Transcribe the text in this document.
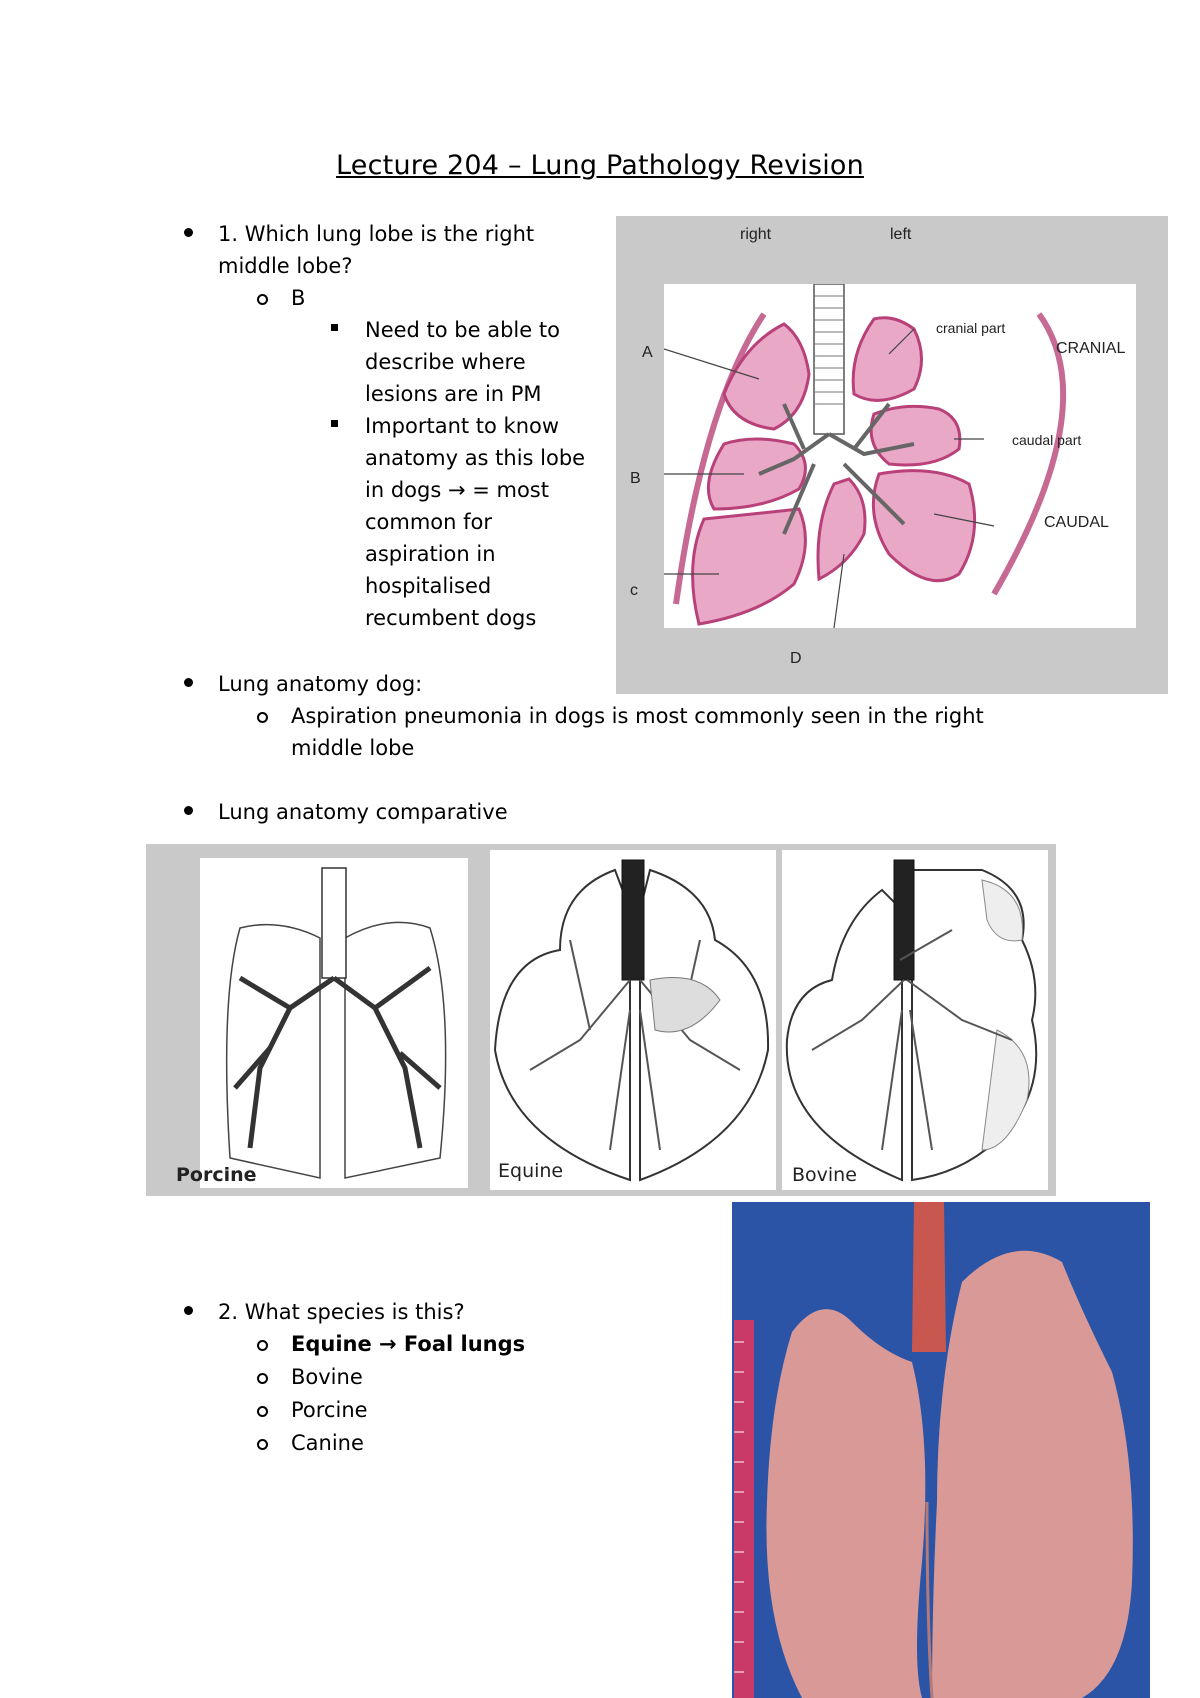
Lecture 204 – Lung Pathology Revision
1. Which lung lobe is the right
middle lobe?
B
Need to be able to
describe where
lesions are in PM
Important to know
anatomy as this lobe
in dogs → = most
common for
aspiration in
hospitalised
recumbent dogs
right	left
A
B
c
D
cranial part
CRANIAL
caudal part
CAUDAL
Lung anatomy dog:
Aspiration pneumonia in dogs is most commonly seen in the right
middle lobe
Lung anatomy comparative
Porcine	Equine	Bovine
2. What species is this?
Equine → Foal lungs
Bovine
Porcine
Canine
